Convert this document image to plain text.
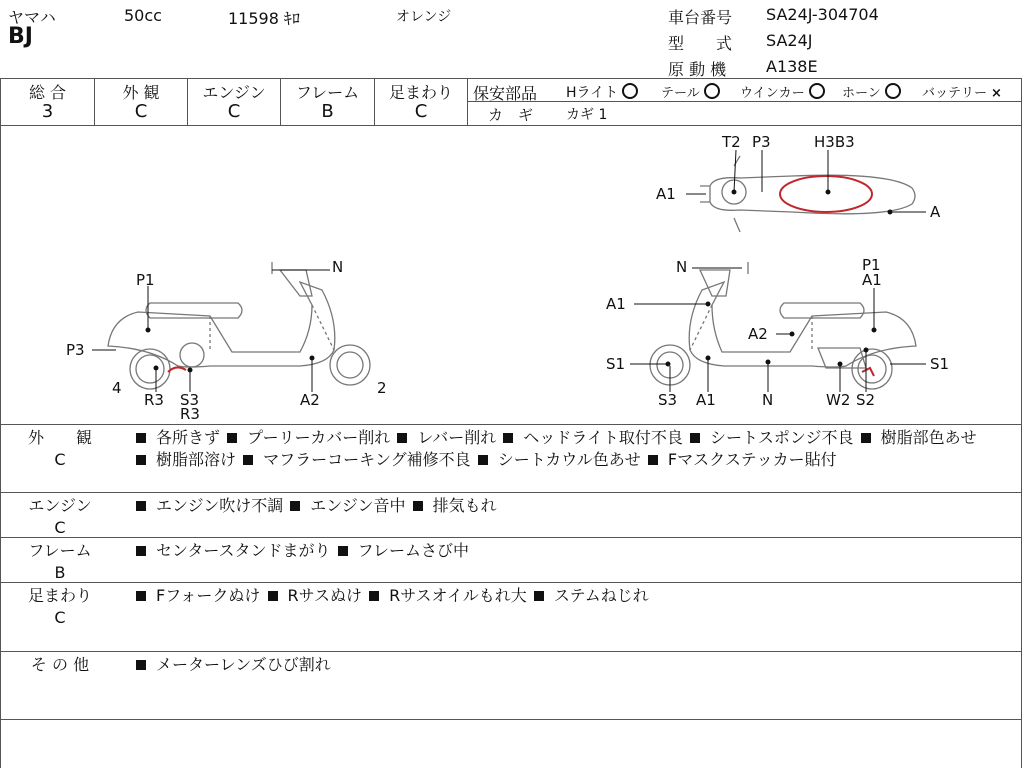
ヤマハ	50cc	11598 ｷﾛ	オレンジ
BJ
車台番号 SA24J-304704
型　　式 SA24J
原 動 機 A138E
総 合	外 観	エンジン	フレーム	足まわり
3	C	C	B	C
保安部品 Hライト	テール	ウインカー	ホーン	バッテリー ×
カ　ギ カギ 1
P1
P3
N
4	2
R3 S3
R3
A2
T2 P3	H3B3
A1
A
N	P1
A1
A1
A2
S1	S1
S3 A1	N	W2 S2
外　　観
C
各所きず プーリーカバー削れ レバー削れ ヘッドライト取付不良 シートスポンジ不良 樹脂部色あせ 樹脂部溶け マフラーコーキング補修不良 シートカウル色あせ Fマスクステッカー貼付
エンジン
C
エンジン吹け不調 エンジン音中 排気もれ
フレーム
B
センタースタンドまがり フレームさび中
足まわり
C
Fフォークぬけ Rサスぬけ Rサスオイルもれ大 ステムねじれ
そ の 他	メーターレンズひび割れ
